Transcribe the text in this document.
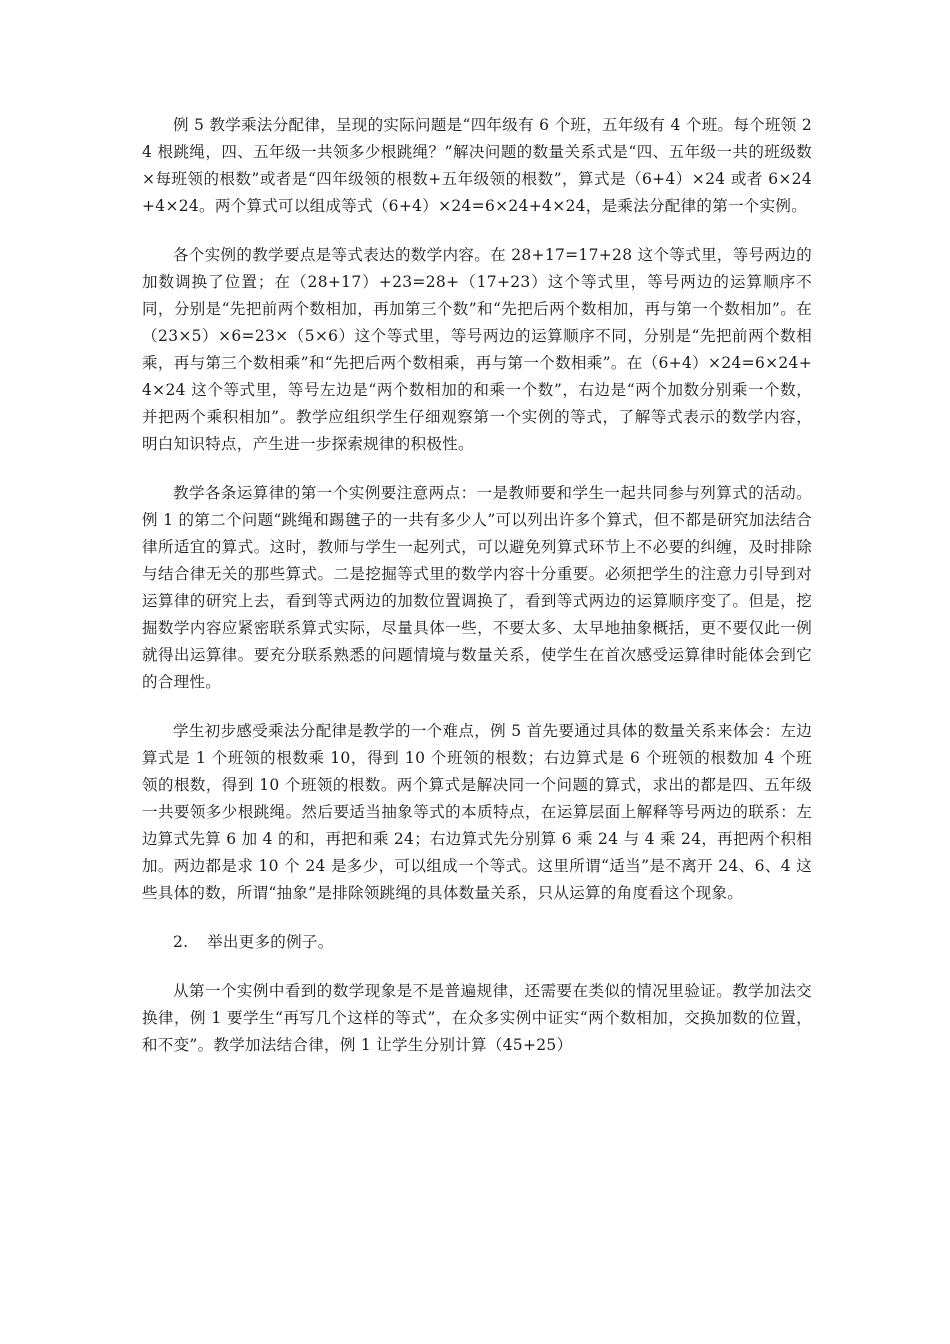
例 5 教学乘法分配律，呈现的实际问题是“四年级有 6 个班，五年级有 4 个班。每个班领 24 根跳绳，四、五年级一共领多少根跳绳？”解决问题的数量关系式是“四、五年级一共的班级数×每班领的根数”或者是“四年级领的根数+五年级领的根数”，算式是（6+4）×24 或者 6×24+4×24。两个算式可以组成等式（6+4）×24=6×24+4×24，是乘法分配律的第一个实例。

各个实例的教学要点是等式表达的数学内容。在 28+17=17+28 这个等式里，等号两边的加数调换了位置；在（28+17）+23=28+（17+23）这个等式里，等号两边的运算顺序不同，分别是“先把前两个数相加，再加第三个数”和“先把后两个数相加，再与第一个数相加”。在（23×5）×6=23×（5×6）这个等式里，等号两边的运算顺序不同，分别是“先把前两个数相乘，再与第三个数相乘”和“先把后两个数相乘，再与第一个数相乘”。在（6+4）×24=6×24+4×24 这个等式里，等号左边是“两个数相加的和乘一个数”，右边是“两个加数分别乘一个数，并把两个乘积相加”。教学应组织学生仔细观察第一个实例的等式，了解等式表示的数学内容，明白知识特点，产生进一步探索规律的积极性。

教学各条运算律的第一个实例要注意两点：一是教师要和学生一起共同参与列算式的活动。例 1 的第二个问题“跳绳和踢毽子的一共有多少人”可以列出许多个算式，但不都是研究加法结合律所适宜的算式。这时，教师与学生一起列式，可以避免列算式环节上不必要的纠缠，及时排除与结合律无关的那些算式。二是挖掘等式里的数学内容十分重要。必须把学生的注意力引导到对运算律的研究上去，看到等式两边的加数位置调换了，看到等式两边的运算顺序变了。但是，挖掘数学内容应紧密联系算式实际，尽量具体一些，不要太多、太早地抽象概括，更不要仅此一例就得出运算律。要充分联系熟悉的问题情境与数量关系，使学生在首次感受运算律时能体会到它的合理性。

学生初步感受乘法分配律是教学的一个难点，例 5 首先要通过具体的数量关系来体会：左边算式是 1 个班领的根数乘 10，得到 10 个班领的根数；右边算式是 6 个班领的根数加 4 个班领的根数，得到 10 个班领的根数。两个算式是解决同一个问题的算式，求出的都是四、五年级一共要领多少根跳绳。然后要适当抽象等式的本质特点，在运算层面上解释等号两边的联系：左边算式先算 6 加 4 的和，再把和乘 24；右边算式先分别算 6 乘 24 与 4 乘 24，再把两个积相加。两边都是求 10 个 24 是多少，可以组成一个等式。这里所谓“适当”是不离开 24、6、4 这些具体的数，所谓“抽象”是排除领跳绳的具体数量关系，只从运算的角度看这个现象。

2. 举出更多的例子。

从第一个实例中看到的数学现象是不是普遍规律，还需要在类似的情况里验证。教学加法交换律，例 1 要学生“再写几个这样的等式”，在众多实例中证实“两个数相加，交换加数的位置，和不变”。教学加法结合律，例 1 让学生分别计算（45+25）
